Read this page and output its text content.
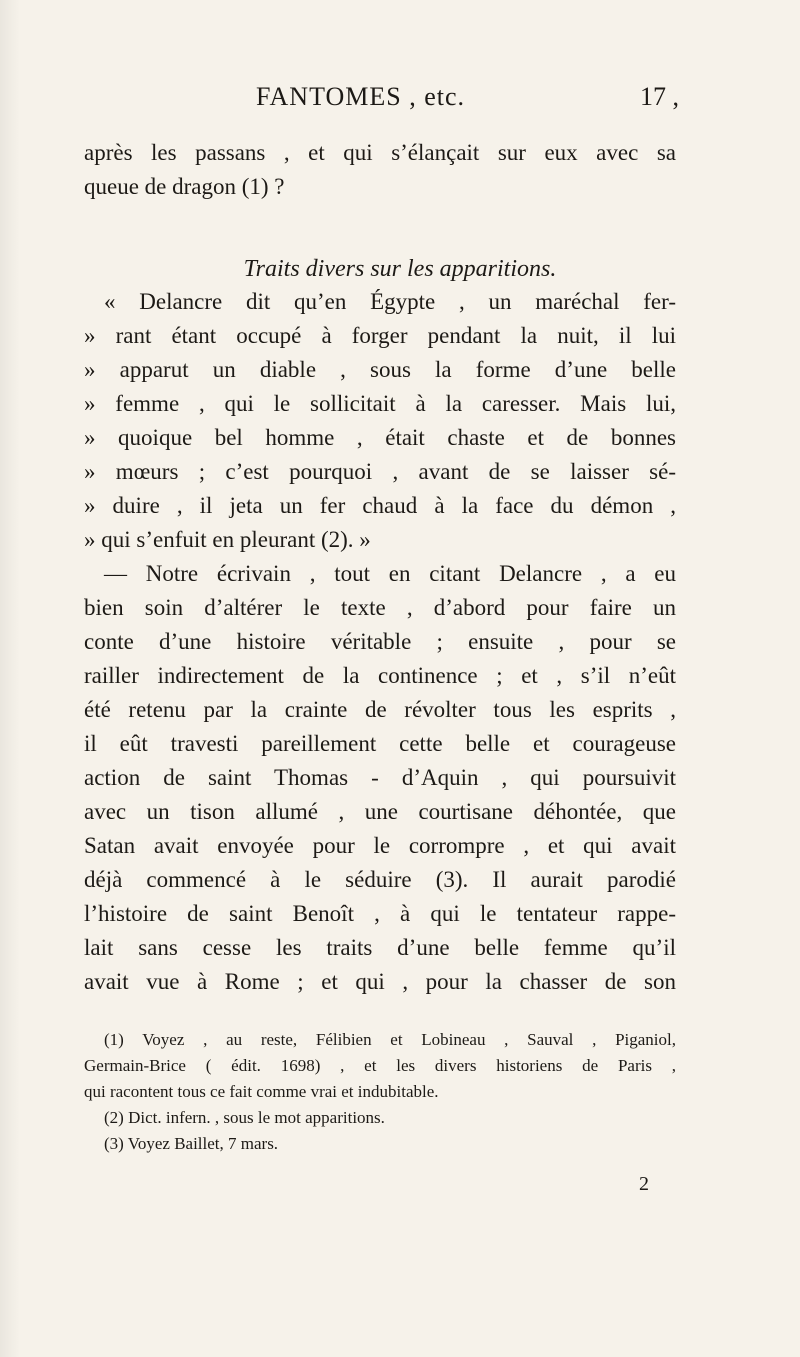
FANTOMES , etc.	17 ,
après les passans , et qui s’élançait sur eux avec sa
queue de dragon (1) ?
Traits divers sur les apparitions.
« Delancre dit qu’en Égypte , un maréchal fer-
» rant étant occupé à forger pendant la nuit, il lui
» apparut un diable , sous la forme d’une belle
» femme , qui le sollicitait à la caresser. Mais lui,
» quoique bel homme , était chaste et de bonnes
» mœurs ; c’est pourquoi , avant de se laisser sé-
» duire , il jeta un fer chaud à la face du démon ,
» qui s’enfuit en pleurant (2). »
— Notre écrivain , tout en citant Delancre , a eu
bien soin d’altérer le texte , d’abord pour faire un
conte d’une histoire véritable ; ensuite , pour se
railler indirectement de la continence ; et , s’il n’eût
été retenu par la crainte de révolter tous les esprits ,
il eût travesti pareillement cette belle et courageuse
action de saint Thomas - d’Aquin , qui poursuivit
avec un tison allumé , une courtisane déhontée, que
Satan avait envoyée pour le corrompre , et qui avait
déjà commencé à le séduire (3). Il aurait parodié
l’histoire de saint Benoît , à qui le tentateur rappe-
lait sans cesse les traits d’une belle femme qu’il
avait vue à Rome ; et qui , pour la chasser de son
(1) Voyez , au reste, Félibien et Lobineau , Sauval , Piganiol,
Germain-Brice ( édit. 1698) , et les divers historiens de Paris ,
qui racontent tous ce fait comme vrai et indubitable.
(2) Dict. infern. , sous le mot apparitions.
(3) Voyez Baillet, 7 mars.
2
